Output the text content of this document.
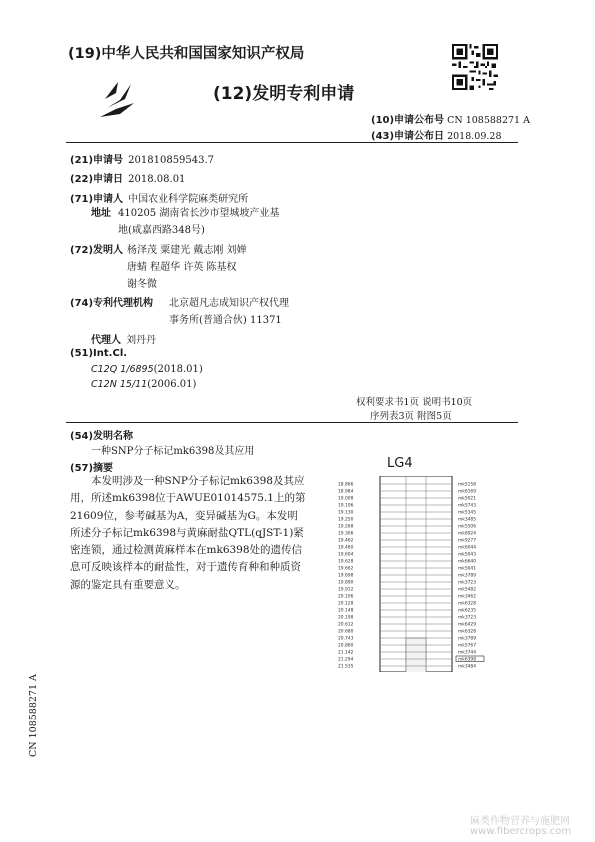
(19)中华人民共和国国家知识产权局
(12)发明专利申请
(10)申请公布号 CN 108588271 A
(43)申请公布日 2018.09.28
(21)申请号 201810859543.7
(22)申请日 2018.08.01
(71)申请人 中国农业科学院麻类研究所
地址 410205 湖南省长沙市望城坡产业基
地(咸嘉西路348号)
(72)发明人 杨泽茂 粟建光 戴志刚 刘婵
唐蜻 程超华 许英 陈基权
谢冬微
(74)专利代理机构 北京超凡志成知识产权代理
事务所(普通合伙) 11371
代理人 刘丹丹
(51)Int.Cl.
C12Q 1/6895(2018.01)
C12N 15/11(2006.01)
权利要求书1页 说明书10页
序列表3页 附图5页
(54)发明名称
一种SNP分子标记mk6398及其应用
(57)摘要
本发明涉及一种SNP分子标记mk6398及其应用，所述mk6398位于AWUE01014575.1上的第21609位，参考碱基为A，变异碱基为G。本发明所述分子标记mk6398与黄麻耐盐QTL(qJST-1)紧密连锁，通过检测黄麻样本在mk6398处的遗传信息可反映该样本的耐盐性，对于遗传育种和种质资源的鉴定具有重要意义。
LG4
18.866	mk5158
18.984	mk6169
19.008	mk5021
19.106	mk5743
19.130	mk5345
19.250	mk3485
19.268	mk5506
19.306	mk8924
19.462	mk9277
19.480	mk6044
19.604	mk5043
19.628	mk6640
19.662	mk5041
19.698	mk3789
19.890	mk3723
19.912	mk5482
20.106	mk3462
20.128	mk6328
20.148	mk6235
20.198	mk3723
20.612	mk6429
20.680	mk6328
20.743	mk3789
20.860	mk5767
21.142	mk3744
21.294	mk6398
21.535	mk3484
CN 108588271 A
麻类作物营养与施肥网
www.fibercrops.com
